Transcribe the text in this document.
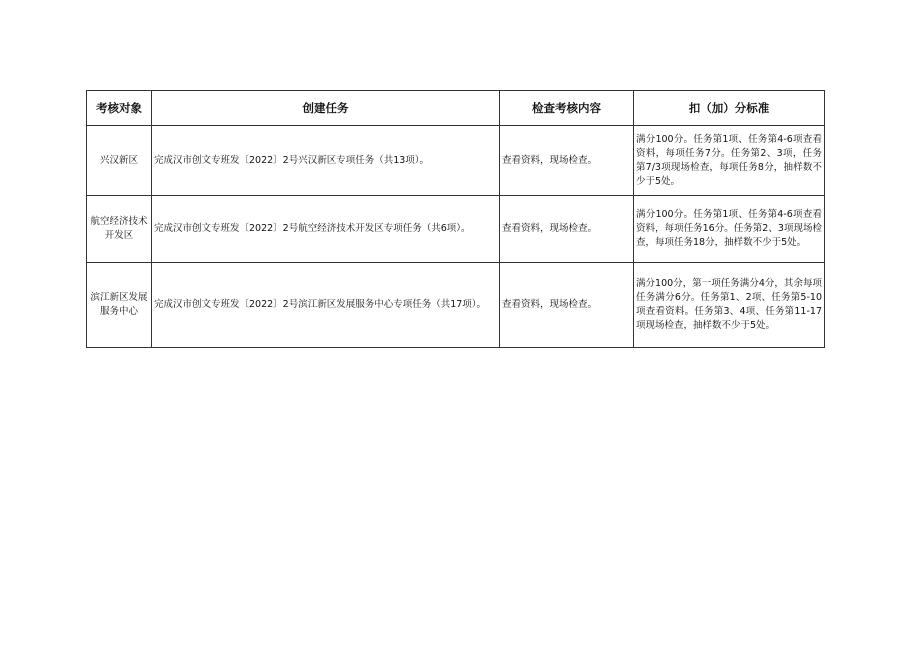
考核对象	创建任务	检查考核内容	扣（加）分标准
兴汉新区	完成汉市创文专班发〔2022〕2号兴汉新区专项任务（共13项）。	查看资料，现场检查。	满分100分。任务第1项、任务第4-6项查看资料，每项任务7分。任务第2、3项，任务第7/3项现场检查，每项任务8分，抽样数不少于5处。
航空经济技术开发区	完成汉市创文专班发〔2022〕2号航空经济技术开发区专项任务（共6项）。	查看资料，现场检查。	满分100分。任务第1项、任务第4-6项查看资料，每项任务16分。任务第2、3项现场检查，每项任务18分，抽样数不少于5处。
滨江新区发展服务中心	完成汉市创文专班发〔2022〕2号滨江新区发展服务中心专项任务（共17项）。	查看资料，现场检查。	满分100分，第一项任务满分4分，其余每项任务满分6分。任务第1、2项、任务第5-10项查看资料。任务第3、4项、任务第11-17项现场检查，抽样数不少于5处。
